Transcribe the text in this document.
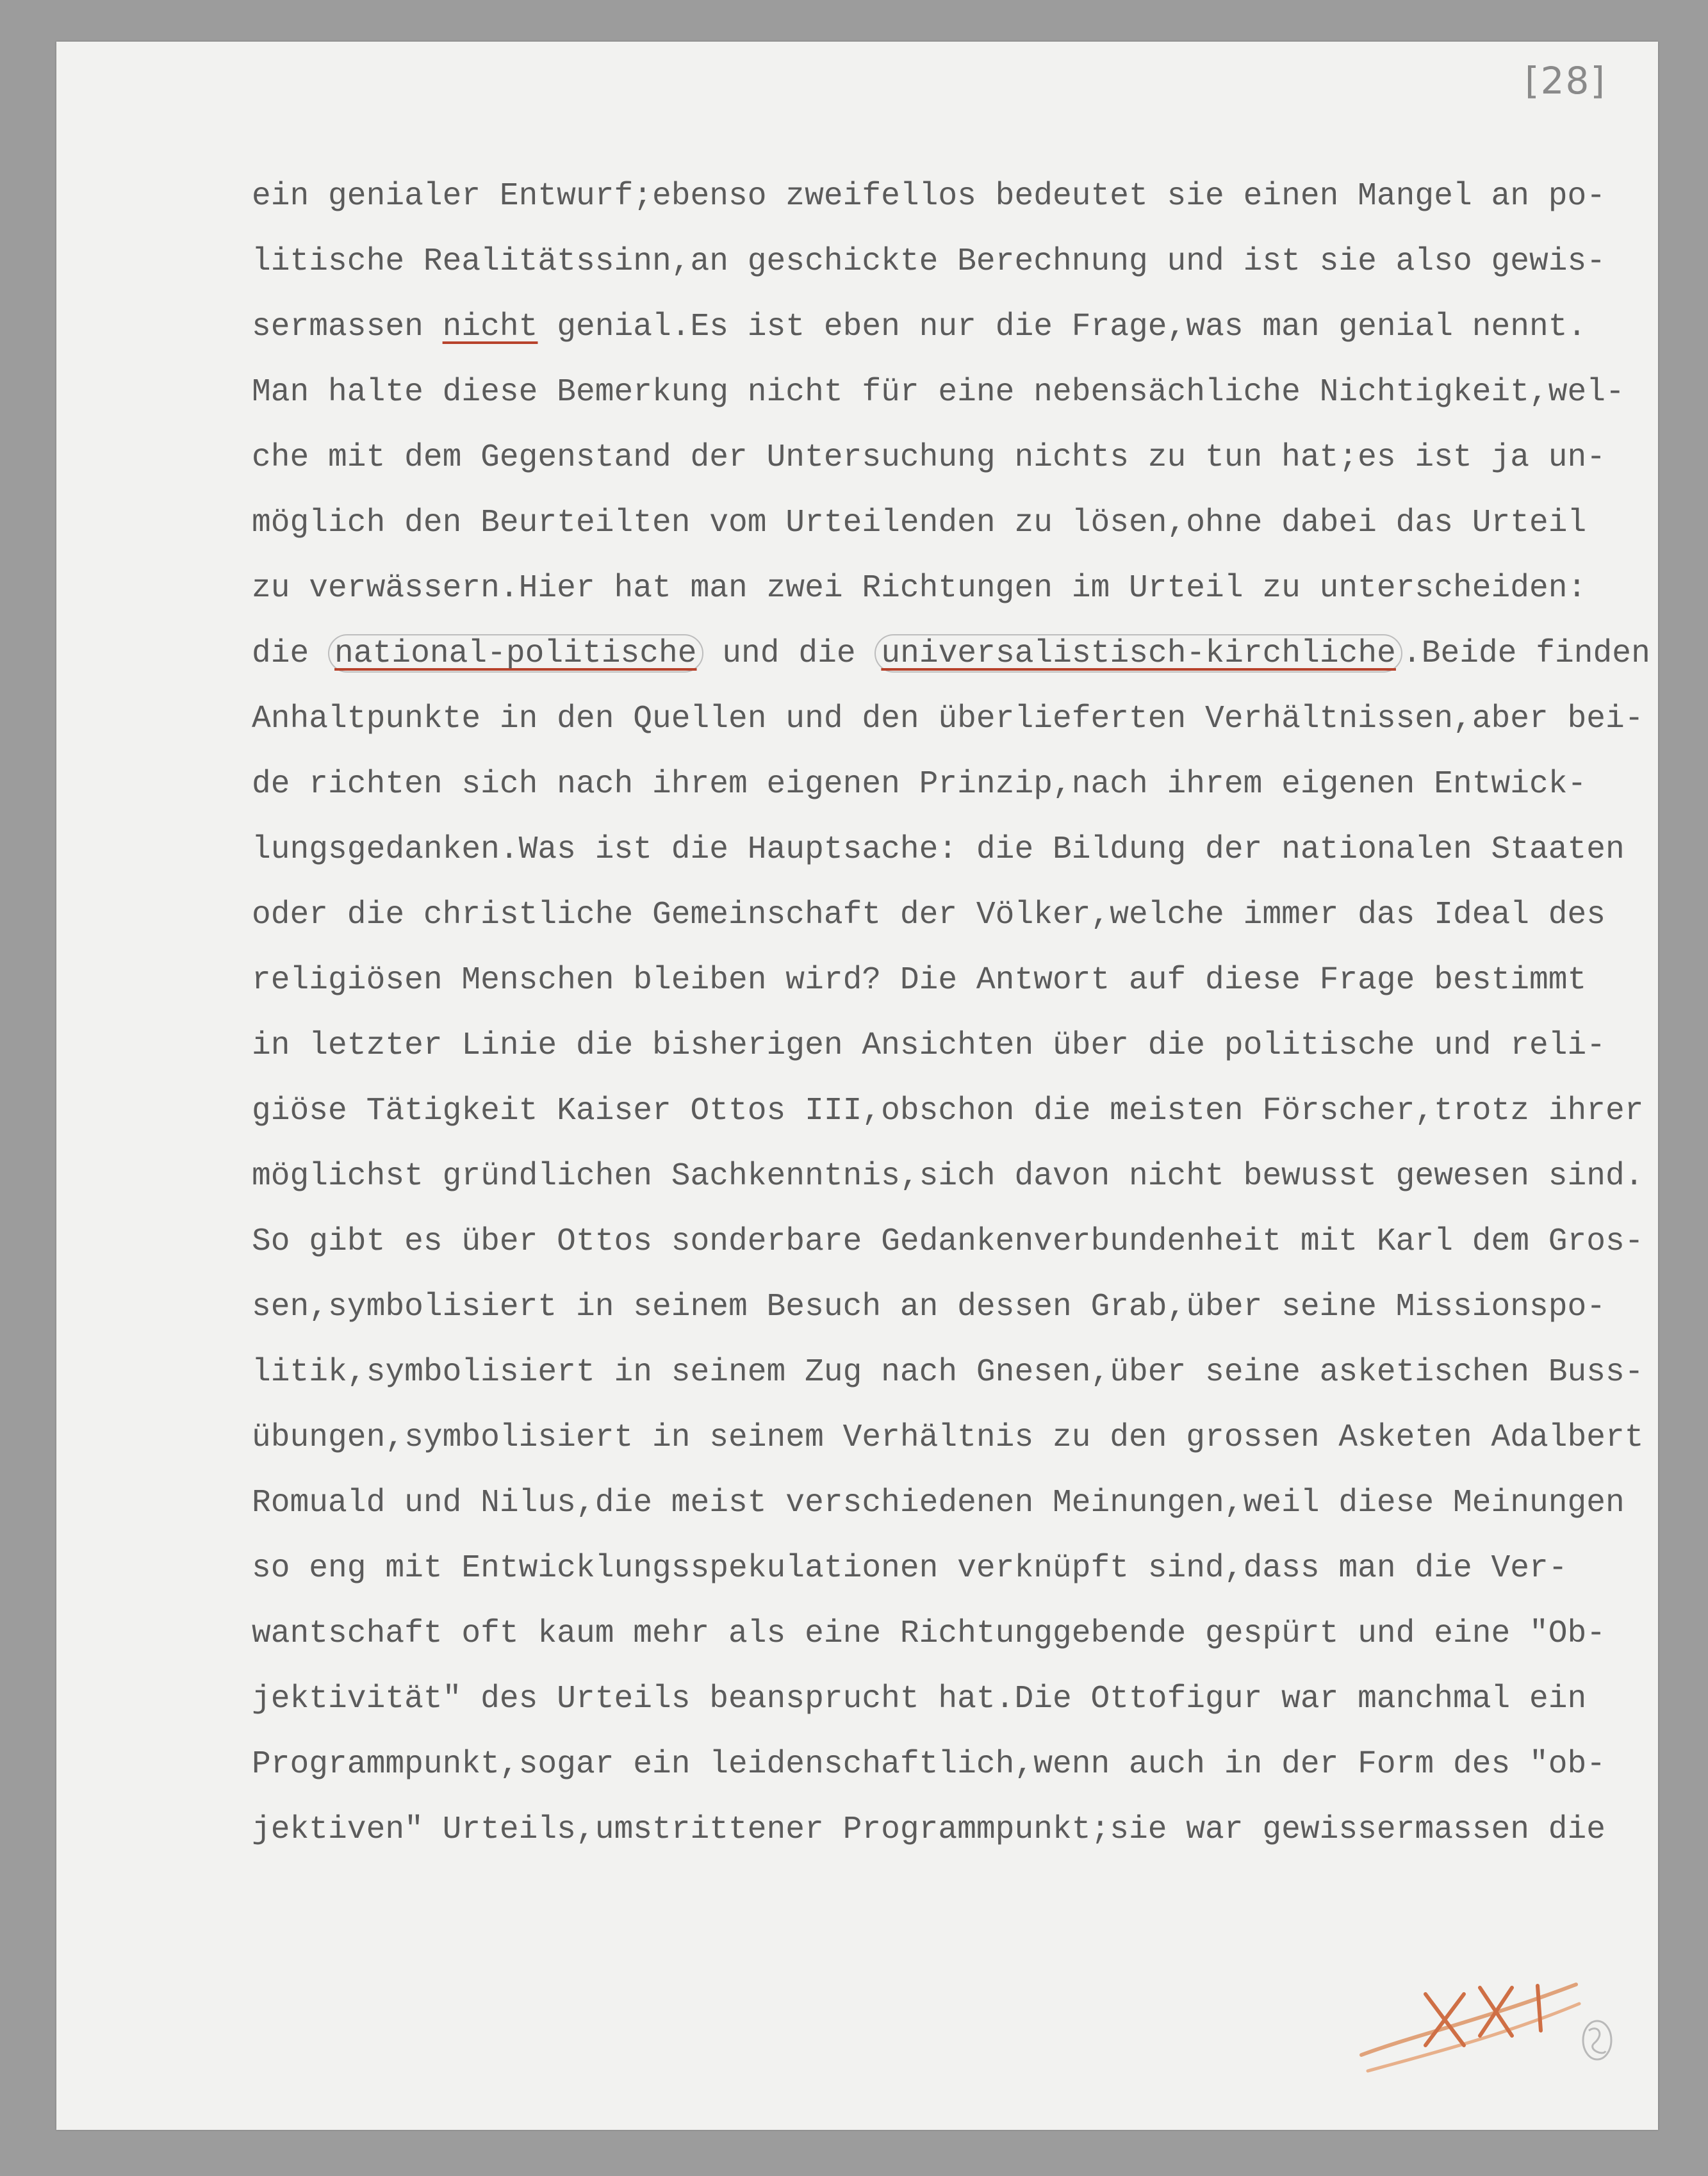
[28]
ein genialer Entwurf;ebenso zweifellos bedeutet sie einen Mangel an po-
litische Realitätssinn,an geschickte Berechnung und ist sie also gewis-
sermassen nicht genial.Es ist eben nur die Frage,was man genial nennt.
Man halte diese Bemerkung nicht für eine nebensächliche Nichtigkeit,wel-
che mit dem Gegenstand der Untersuchung nichts zu tun hat;es ist ja un-
möglich den Beurteilten vom Urteilenden zu lösen,ohne dabei das Urteil
zu verwässern.Hier hat man zwei Richtungen im Urteil zu unterscheiden:
die national-politische und die universalistisch-kirchliche .Beide finden
Anhaltpunkte in den Quellen und den überlieferten Verhältnissen,aber bei-
de richten sich nach ihrem eigenen Prinzip,nach ihrem eigenen Entwick-
lungsgedanken.Was ist die Hauptsache: die Bildung der nationalen Staaten
oder die christliche Gemeinschaft der Völker,welche immer das Ideal des
religiösen Menschen bleiben wird? Die Antwort auf diese Frage bestimmt
in letzter Linie die bisherigen Ansichten über die politische und reli-
giöse Tätigkeit Kaiser Ottos III,obschon die meisten Förscher,trotz ihrer
möglichst gründlichen Sachkenntnis,sich davon nicht bewusst gewesen sind.
So gibt es über Ottos sonderbare Gedankenverbundenheit mit Karl dem Gros-
sen,symbolisiert in seinem Besuch an dessen Grab,über seine Missionspo-
litik,symbolisiert in seinem Zug nach Gnesen,über seine asketischen Buss-
übungen,symbolisiert in seinem Verhältnis zu den grossen Asketen Adalbert
Romuald und Nilus,die meist verschiedenen Meinungen,weil diese Meinungen
so eng mit Entwicklungsspekulationen verknüpft sind,dass man die Ver-
wantschaft oft kaum mehr als eine Richtunggebende gespürt und eine "Ob-
jektivität" des Urteils beansprucht hat.Die Ottofigur war manchmal ein
Programmpunkt,sogar ein leidenschaftlich,wenn auch in der Form des "ob-
jektiven" Urteils,umstrittener Programmpunkt;sie war gewissermassen die
